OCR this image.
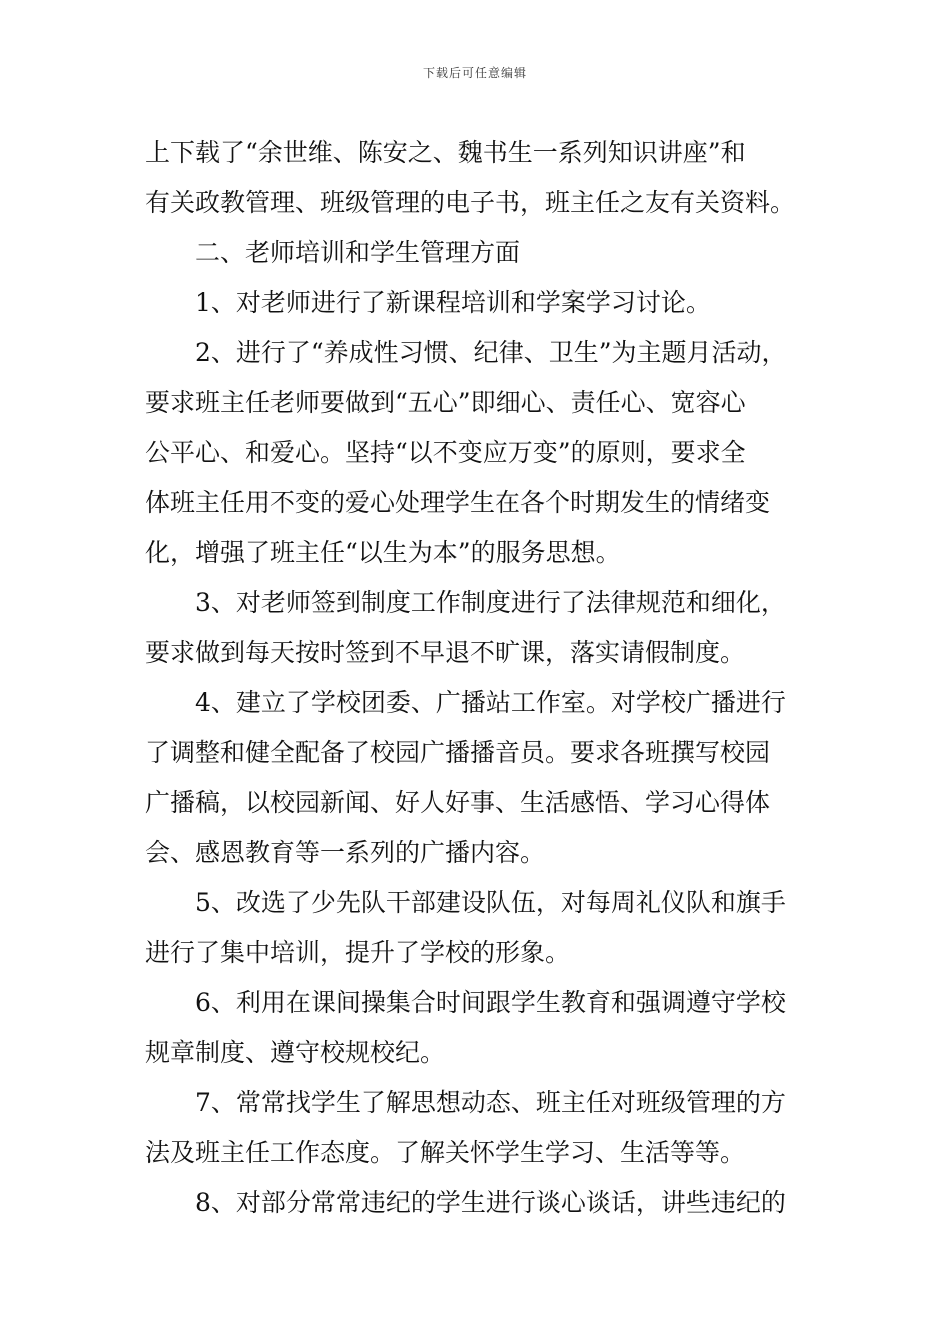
下载后可任意编辑
上下载了“余世维、陈安之、魏书生一系列知识讲座”和
有关政教管理、班级管理的电子书，班主任之友有关资料。
二、老师培训和学生管理方面
1、对老师进行了新课程培训和学案学习讨论。
2、进行了“养成性习惯、纪律、卫生”为主题月活动，
要求班主任老师要做到“五心”即细心、责任心、宽容心
公平心、和爱心。坚持“以不变应万变”的原则，要求全
体班主任用不变的爱心处理学生在各个时期发生的情绪变
化，增强了班主任“以生为本”的服务思想。
3、对老师签到制度工作制度进行了法律规范和细化，
要求做到每天按时签到不早退不旷课，落实请假制度。
4、建立了学校团委、广播站工作室。对学校广播进行
了调整和健全配备了校园广播播音员。要求各班撰写校园
广播稿，以校园新闻、好人好事、生活感悟、学习心得体
会、感恩教育等一系列的广播内容。
5、改选了少先队干部建设队伍，对每周礼仪队和旗手
进行了集中培训，提升了学校的形象。
6、利用在课间操集合时间跟学生教育和强调遵守学校
规章制度、遵守校规校纪。
7、常常找学生了解思想动态、班主任对班级管理的方
法及班主任工作态度。了解关怀学生学习、生活等等。
8、对部分常常违纪的学生进行谈心谈话，讲些违纪的
